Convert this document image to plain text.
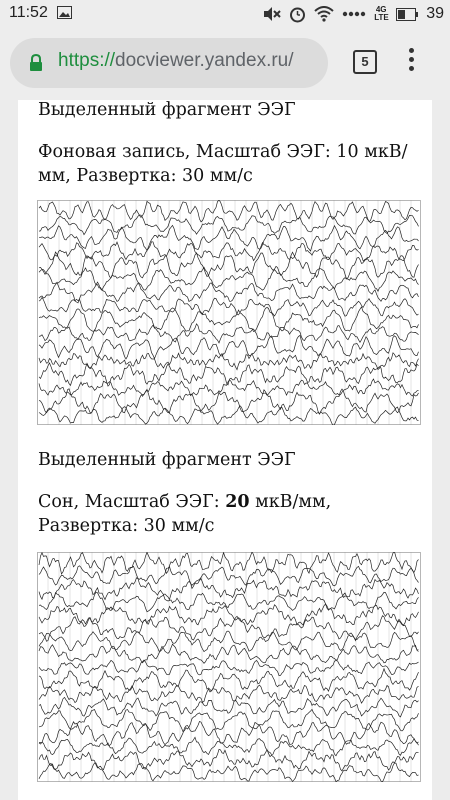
11:52	4G LTE 39
https://docviewer.yandex.ru/	5
Выделенный фрагмент ЭЭГ
Фоновая запись, Масштаб ЭЭГ: 10 мкВ/
мм, Развертка: 30 мм/с
Выделенный фрагмент ЭЭГ
Сон, Масштаб ЭЭГ: 20 мкВ/мм,
Развертка: 30 мм/с
